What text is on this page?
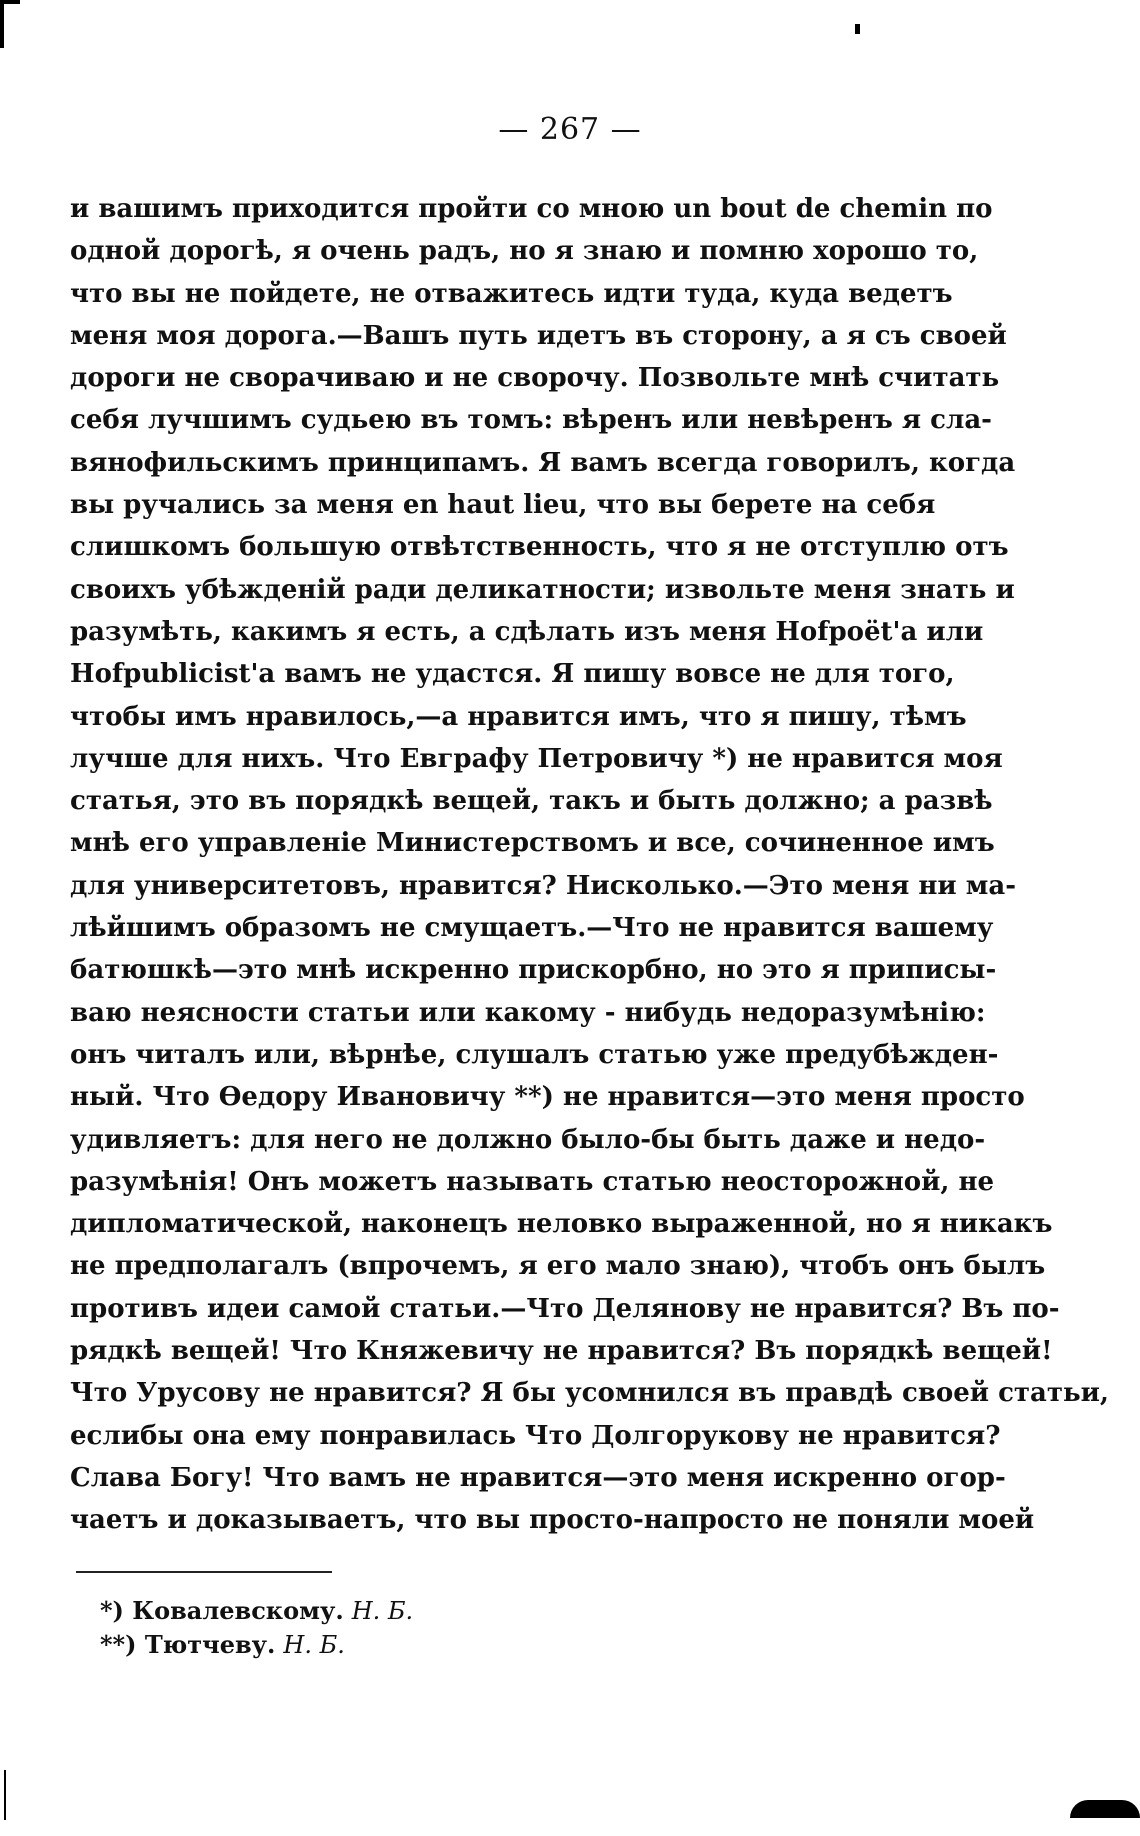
— 267 —
и вашимъ приходится пройти со мною un bout de chemin по
одной дорогѣ, я очень радъ, но я знаю и помню хорошо то,
что вы не пойдете, не отважитесь идти туда, куда ведетъ
меня моя дорога.—Вашъ путь идетъ въ сторону, а я съ своей
дороги не сворачиваю и не сворочу. Позвольте мнѣ считать
себя лучшимъ судьею въ томъ: вѣренъ или невѣренъ я сла-
вянофильскимъ принципамъ. Я вамъ всегда говорилъ, когда
вы ручались за меня en haut lieu, что вы берете на себя
слишкомъ большую отвѣтственность, что я не отступлю отъ
своихъ убѣжденій ради деликатности; извольте меня знать и
разумѣть, какимъ я есть, а сдѣлать изъ меня Hofpoët'а или
Hofpublicist'а вамъ не удастся. Я пишу вовсе не для того,
чтобы имъ нравилось,—а нравится имъ, что я пишу, тѣмъ
лучше для нихъ. Что Евграфу Петровичу *) не нравится моя
статья, это въ порядкѣ вещей, такъ и быть должно; а развѣ
мнѣ его управленіе Министерствомъ и все, сочиненное имъ
для университетовъ, нравится? Нисколько.—Это меня ни ма-
лѣйшимъ образомъ не смущаетъ.—Что не нравится вашему
батюшкѣ—это мнѣ искренно прискорбно, но это я приписы-
ваю неясности статьи или какому - нибудь недоразумѣнію:
онъ читалъ или, вѣрнѣе, слушалъ статью уже предубѣжден-
ный. Что Ѳедору Ивановичу **) не нравится—это меня просто
удивляетъ: для него не должно было-бы быть даже и недо-
разумѣнія! Онъ можетъ называть статью неосторожной, не
дипломатической, наконецъ неловко выраженной, но я никакъ
не предполагалъ (впрочемъ, я его мало знаю), чтобъ онъ былъ
противъ идеи самой статьи.—Что Делянову не нравится? Въ по-
рядкѣ вещей! Что Княжевичу не нравится? Въ порядкѣ вещей!
Что Урусову не нравится? Я бы усомнился въ правдѣ своей статьи,
еслибы она ему понравилась Что Долгорукову не нравится?
Слава Богу! Что вамъ не нравится—это меня искренно огор-
чаетъ и доказываетъ, что вы просто-напросто не поняли моей
*) Ковалевскому. Н. Б.
**) Тютчеву. Н. Б.
